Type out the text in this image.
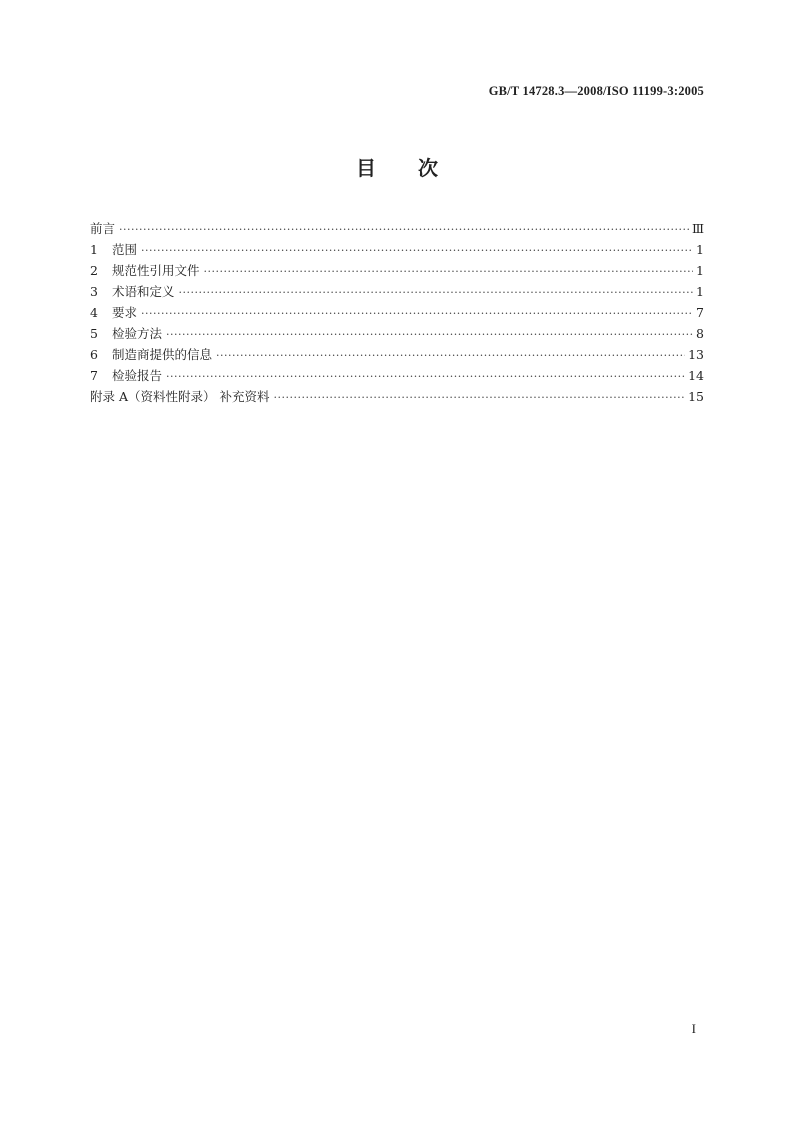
GB/T 14728.3—2008/ISO 11199-3:2005
目 次
前言 ·····	Ⅲ
1	范围 ·····	1
2	规范性引用文件 ·····	1
3	术语和定义 ·····	1
4	要求 ·····	7
5	检验方法 ·····	8
6	制造商提供的信息 ·····	13
7	检验报告 ·····	14
附录 A（资料性附录） 补充资料 ·····	15
I
